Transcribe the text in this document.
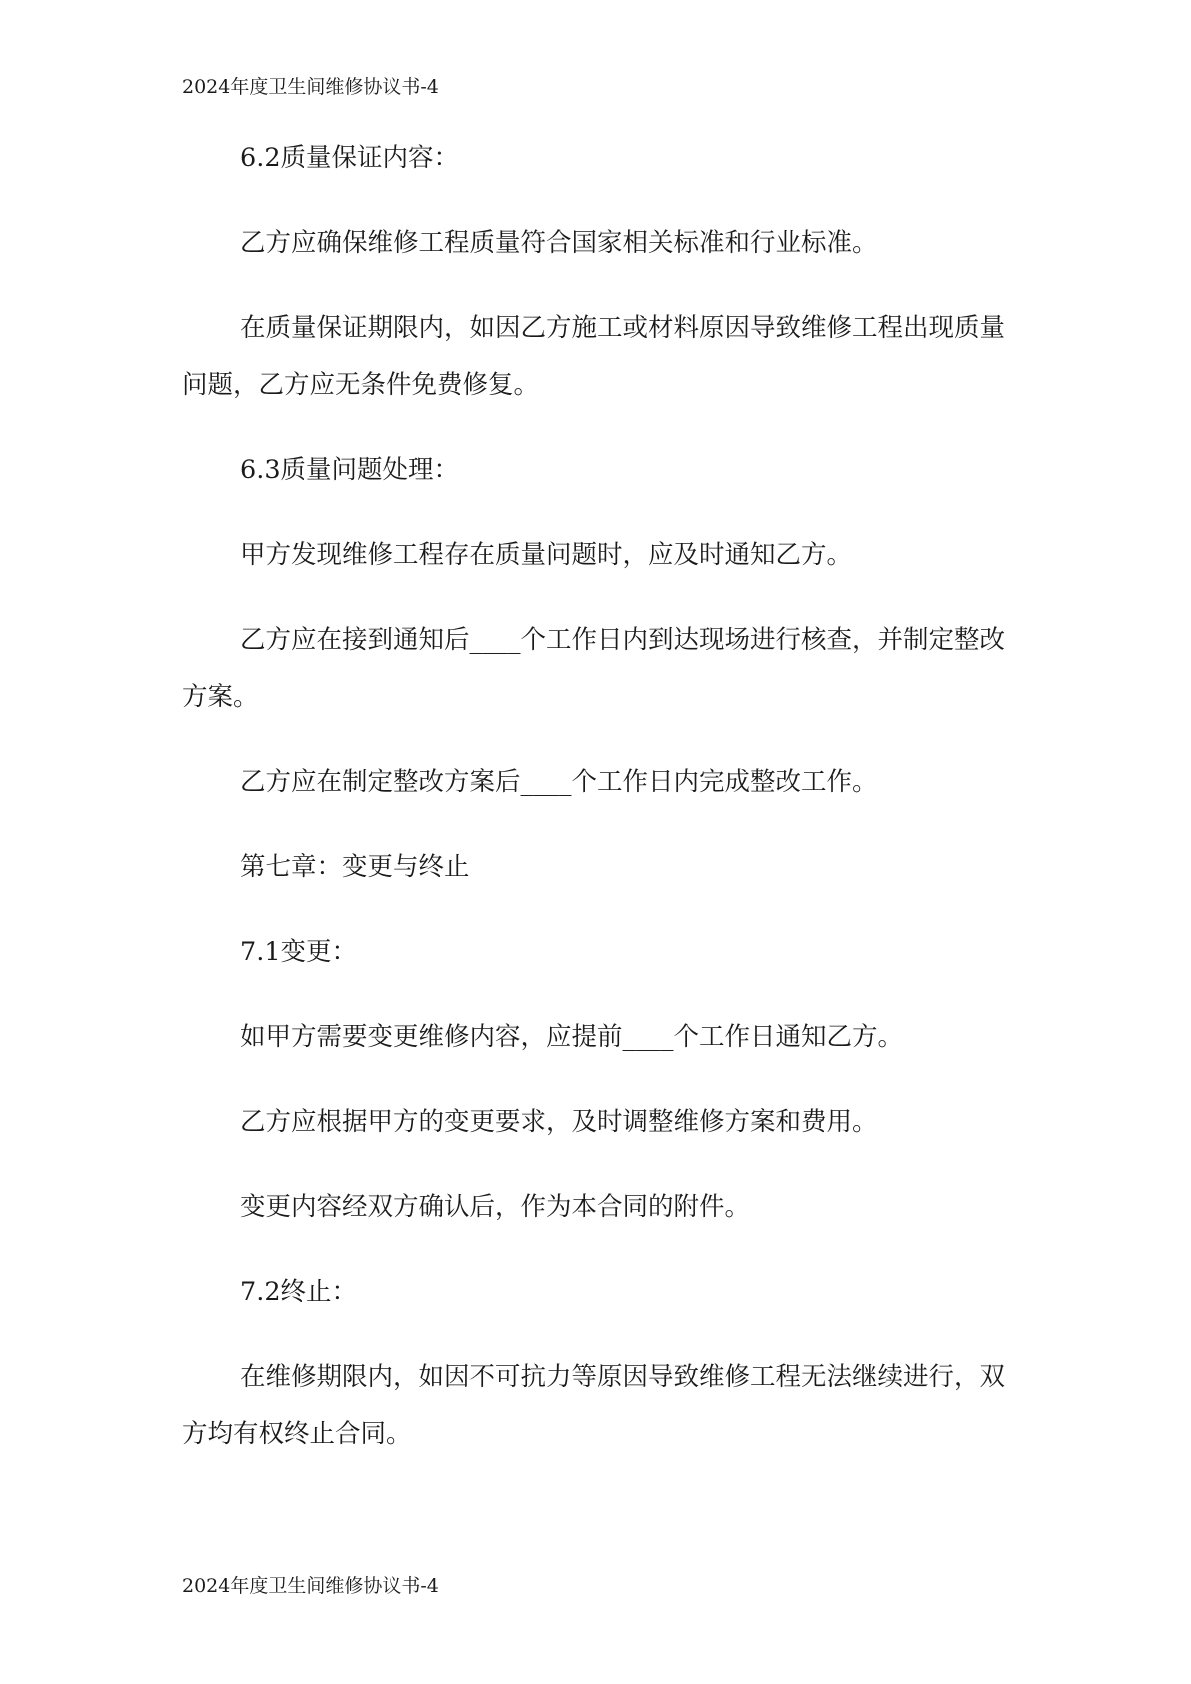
2024年度卫生间维修协议书-4

6.2质量保证内容：

乙方应确保维修工程质量符合国家相关标准和行业标准。

在质量保证期限内，如因乙方施工或材料原因导致维修工程出现质量问题，乙方应无条件免费修复。

6.3质量问题处理：

甲方发现维修工程存在质量问题时，应及时通知乙方。

乙方应在接到通知后____个工作日内到达现场进行核查，并制定整改方案。

乙方应在制定整改方案后____个工作日内完成整改工作。

第七章：变更与终止

7.1变更：

如甲方需要变更维修内容，应提前____个工作日通知乙方。

乙方应根据甲方的变更要求，及时调整维修方案和费用。

变更内容经双方确认后，作为本合同的附件。

7.2终止：

在维修期限内，如因不可抗力等原因导致维修工程无法继续进行，双方均有权终止合同。

2024年度卫生间维修协议书-4
